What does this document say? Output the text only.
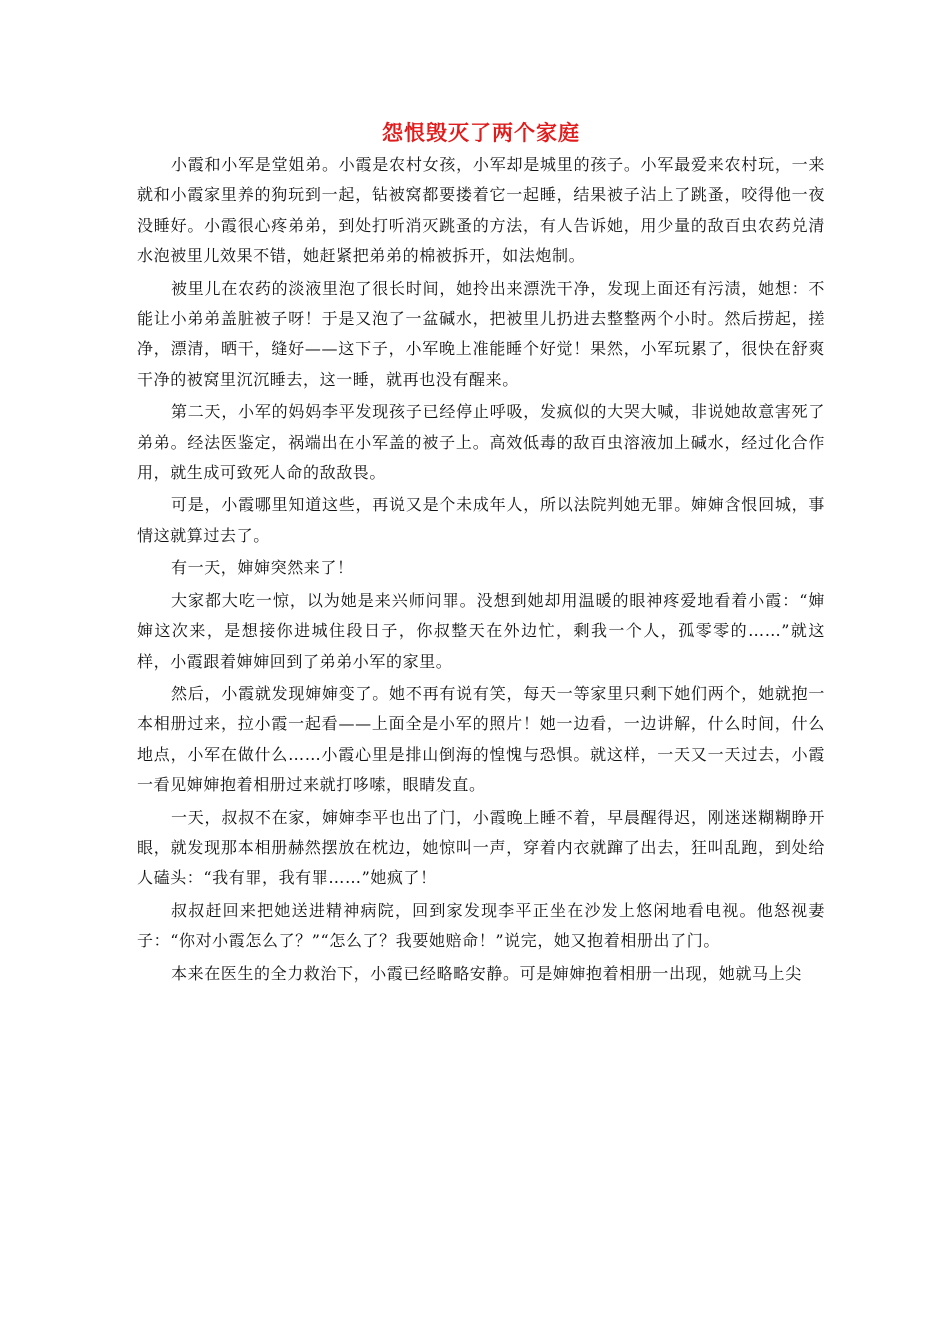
怨恨毁灭了两个家庭

小霞和小军是堂姐弟。小霞是农村女孩，小军却是城里的孩子。小军最爱来农村玩，一来就和小霞家里养的狗玩到一起，钻被窝都要搂着它一起睡，结果被子沾上了跳蚤，咬得他一夜没睡好。小霞很心疼弟弟，到处打听消灭跳蚤的方法，有人告诉她，用少量的敌百虫农药兑清水泡被里儿效果不错，她赶紧把弟弟的棉被拆开，如法炮制。

被里儿在农药的淡液里泡了很长时间，她拎出来漂洗干净，发现上面还有污渍，她想：不能让小弟弟盖脏被子呀！于是又泡了一盆碱水，把被里儿扔进去整整两个小时。然后捞起，搓净，漂清，晒干，缝好——这下子，小军晚上准能睡个好觉！果然，小军玩累了，很快在舒爽干净的被窝里沉沉睡去，这一睡，就再也没有醒来。

第二天，小军的妈妈李平发现孩子已经停止呼吸，发疯似的大哭大喊，非说她故意害死了弟弟。经法医鉴定，祸端出在小军盖的被子上。高效低毒的敌百虫溶液加上碱水，经过化合作用，就生成可致死人命的敌敌畏。

可是，小霞哪里知道这些，再说又是个未成年人，所以法院判她无罪。婶婶含恨回城，事情这就算过去了。

有一天，婶婶突然来了！

大家都大吃一惊，以为她是来兴师问罪。没想到她却用温暖的眼神疼爱地看着小霞：“婶婶这次来，是想接你进城住段日子，你叔整天在外边忙，剩我一个人，孤零零的……”就这样，小霞跟着婶婶回到了弟弟小军的家里。

然后，小霞就发现婶婶变了。她不再有说有笑，每天一等家里只剩下她们两个，她就抱一本相册过来，拉小霞一起看——上面全是小军的照片！她一边看，一边讲解，什么时间，什么地点，小军在做什么……小霞心里是排山倒海的惶愧与恐惧。就这样，一天又一天过去，小霞一看见婶婶抱着相册过来就打哆嗦，眼睛发直。

一天，叔叔不在家，婶婶李平也出了门，小霞晚上睡不着，早晨醒得迟，刚迷迷糊糊睁开眼，就发现那本相册赫然摆放在枕边，她惊叫一声，穿着内衣就蹿了出去，狂叫乱跑，到处给人磕头：“我有罪，我有罪……”她疯了！

叔叔赶回来把她送进精神病院，回到家发现李平正坐在沙发上悠闲地看电视。他怒视妻子：“你对小霞怎么了？”“怎么了？我要她赔命！”说完，她又抱着相册出了门。

本来在医生的全力救治下，小霞已经略略安静。可是婶婶抱着相册一出现，她就马上尖
